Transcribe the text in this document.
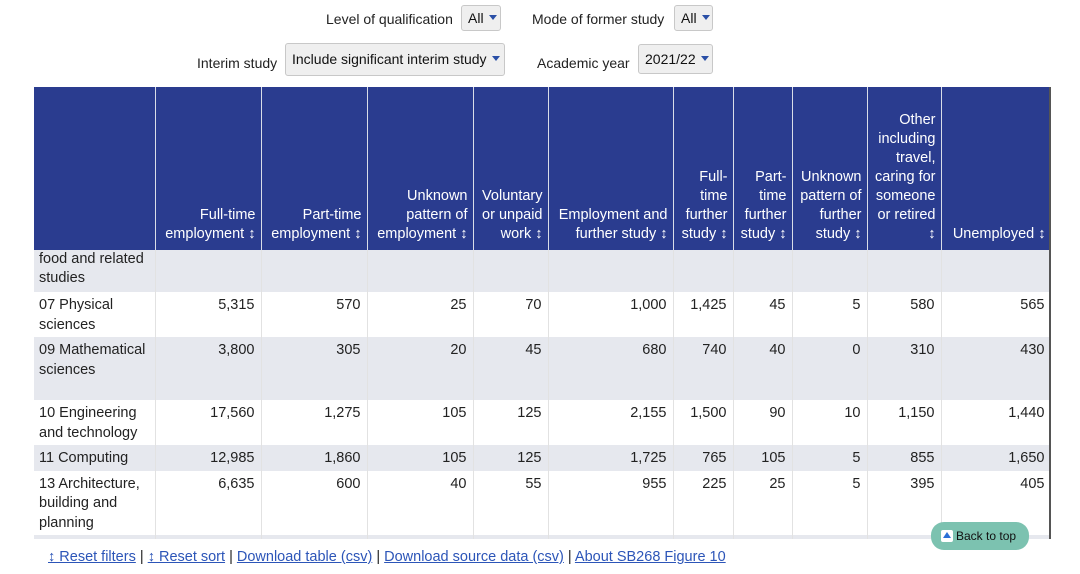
Level of qualification	All	Mode of former study	All
Interim study	Include significant interim study	Academic year	2021/22
	Full-time employment ↕	Part-time employment ↕	Unknown pattern of employment ↕	Voluntary or unpaid work ↕	Employment and further study ↕	Full-time further study ↕	Part-time further study ↕	Unknown pattern of further study ↕	Other including travel, caring for someone or retired ↕	Unemployed ↕
food and related studies										
07 Physical sciences	5,315	570	25	70	1,000	1,425	45	5	580	565
09 Mathematical sciences	3,800	305	20	45	680	740	40	0	310	430
10 Engineering and technology	17,560	1,275	105	125	2,155	1,500	90	10	1,150	1,440
11 Computing	12,985	1,860	105	125	1,725	765	105	5	855	1,650
13 Architecture, building and planning	6,635	600	40	55	955	225	25	5	395	405

Back to top
↕ Reset filters | ↕ Reset sort | Download table (csv) | Download source data (csv) | About SB268 Figure 10
